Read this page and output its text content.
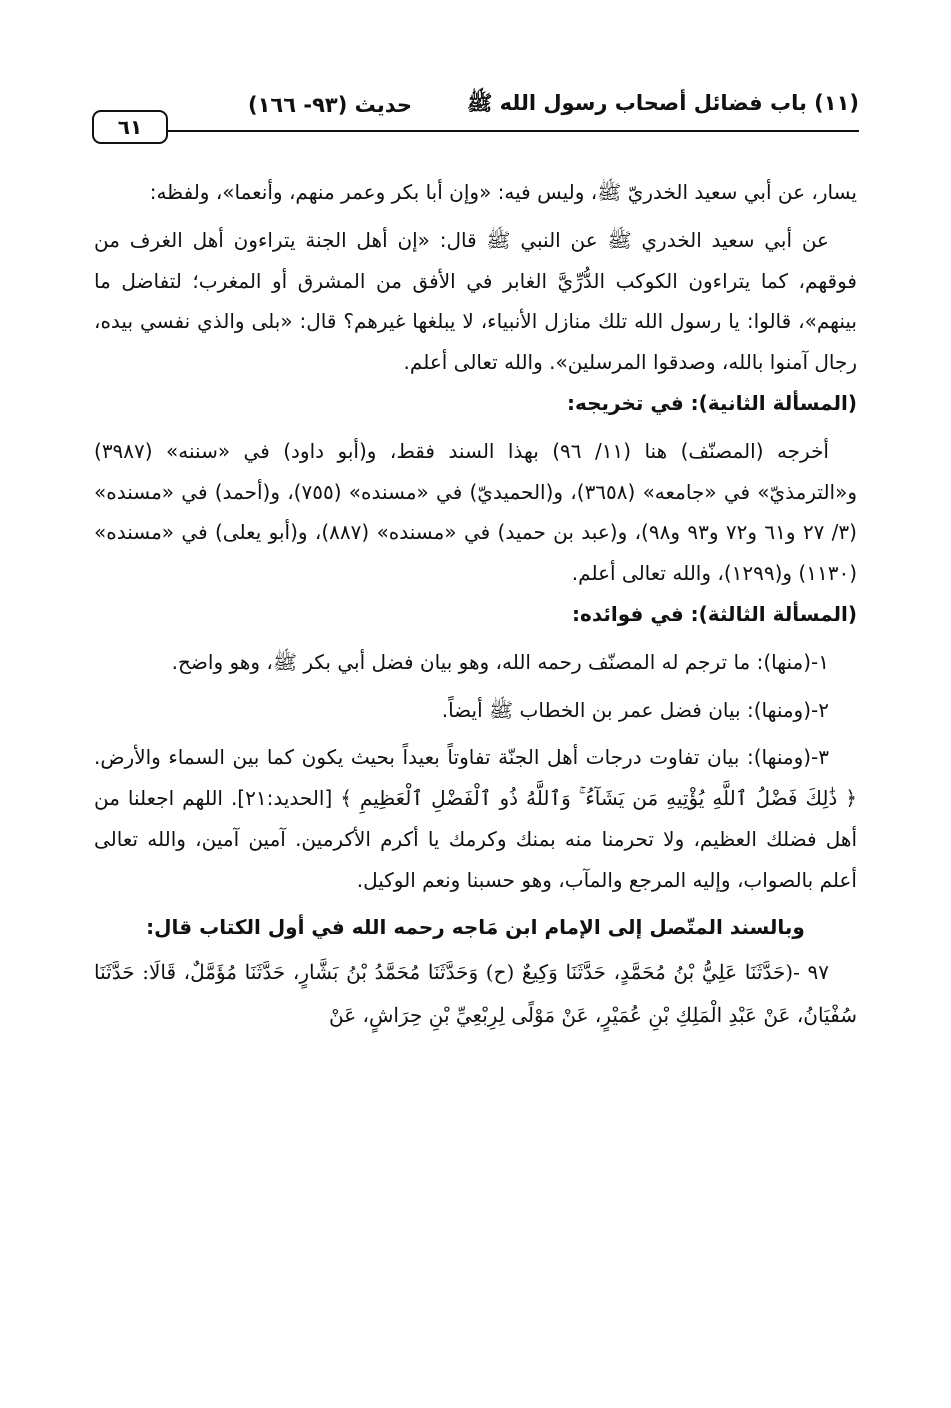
(١١) باب فضائل أصحاب رسول الله ﷺ
حديث (٩٣- ١٦٦)
٦١

يسار، عن أبي سعيد الخدريّ ﷺ، وليس فيه: «وإن أبا بكر وعمر منهم، وأنعما»، ولفظه:

عن أبي سعيد الخدري ﷺ عن النبي ﷺ قال: «إن أهل الجنة يتراءون أهل الغرف من فوقهم، كما يتراءون الكوكب الدُّرِّيَّ الغابر في الأفق من المشرق أو المغرب؛ لتفاضل ما بينهم»، قالوا: يا رسول الله تلك منازل الأنبياء، لا يبلغها غيرهم؟ قال: «بلى والذي نفسي بيده، رجال آمنوا بالله، وصدقوا المرسلين». والله تعالى أعلم.

(المسألة الثانية): في تخريجه:

أخرجه (المصنّف) هنا (١١/ ٩٦) بهذا السند فقط، و(أبو داود) في «سننه» (٣٩٨٧) و«الترمذيّ» في «جامعه» (٣٦٥٨)، و(الحميديّ) في «مسنده» (٧٥٥)، و(أحمد) في «مسنده» (٣/ ٢٧ و٦١ و٧٢ و٩٣ و٩٨)، و(عبد بن حميد) في «مسنده» (٨٨٧)، و(أبو يعلى) في «مسنده» (١١٣٠) و(١٢٩٩)، والله تعالى أعلم.

(المسألة الثالثة): في فوائده:

١-(منها): ما ترجم له المصنّف رحمه الله، وهو بيان فضل أبي بكر ﷺ، وهو واضح.

٢-(ومنها): بيان فضل عمر بن الخطاب ﷺ أيضاً.

٣-(ومنها): بيان تفاوت درجات أهل الجنّة تفاوتاً بعيداً بحيث يكون كما بين السماء والأرض. ﴿ ذَٰلِكَ فَضْلُ ٱللَّهِ يُؤْتِيهِ مَن يَشَآءُ ۚ وَٱللَّهُ ذُو ٱلْفَضْلِ ٱلْعَظِيمِ ﴾ [الحديد:٢١]. اللهم اجعلنا من أهل فضلك العظيم، ولا تحرمنا منه بمنك وكرمك يا أكرم الأكرمين. آمين آمين، والله تعالى أعلم بالصواب، وإليه المرجع والمآب، وهو حسبنا ونعم الوكيل.

وبالسند المتّصل إلى الإمام ابن مَاجه رحمه الله في أول الكتاب قال:

٩٧ -(حَدَّثَنَا عَلِيُّ بْنُ مُحَمَّدٍ، حَدَّثَنَا وَكِيعٌ (ح) وَحَدَّثَنَا مُحَمَّدُ بْنُ بَشَّارٍ، حَدَّثَنَا مُؤَمَّلٌ، قَالَا: حَدَّثَنَا سُفْيَانُ، عَنْ عَبْدِ الْمَلِكِ بْنِ عُمَيْرٍ، عَنْ مَوْلًى لِرِبْعِيِّ بْنِ حِرَاشٍ، عَنْ
